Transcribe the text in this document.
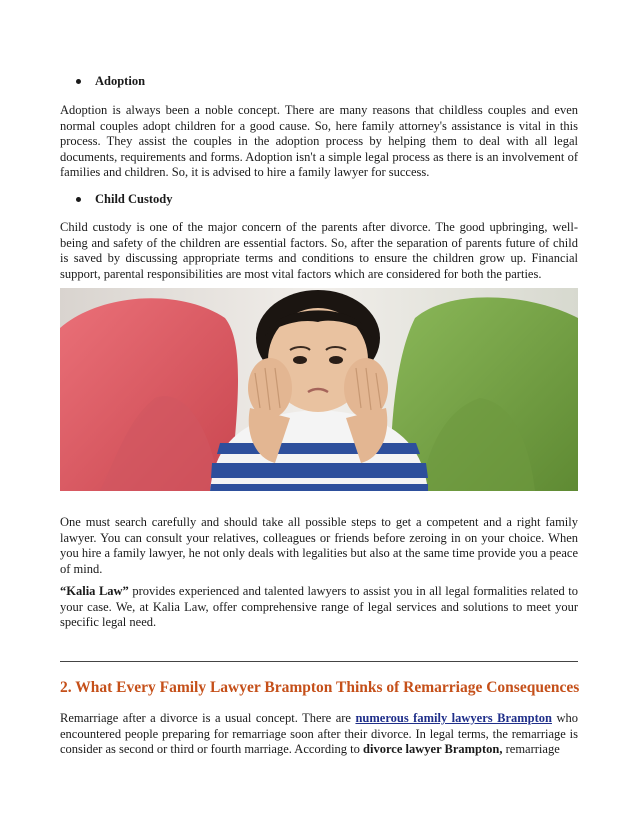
Adoption

Adoption is always been a noble concept. There are many reasons that childless couples and even normal couples adopt children for a good cause. So, here family attorney's assistance is vital in this process. They assist the couples in the adoption process by helping them to deal with all legal documents, requirements and forms. Adoption isn't a simple legal process as there is an involvement of families and children. So, it is advised to hire a family lawyer for success.

Child Custody

Child custody is one of the major concern of the parents after divorce. The good upbringing, well-being and safety of the children are essential factors. So, after the separation of parents future of child is saved by discussing appropriate terms and conditions to ensure the children grow up. Financial support, parental responsibilities are most vital factors which are considered for both the parties.

One must search carefully and should take all possible steps to get a competent and a right family lawyer. You can consult your relatives, colleagues or friends before zeroing in on your choice. When you hire a family lawyer, he not only deals with legalities but also at the same time provide you a peace of mind.

“Kalia Law” provides experienced and talented lawyers to assist you in all legal formalities related to your case. We, at Kalia Law, offer comprehensive range of legal services and solutions to meet your specific legal need.

2. What Every Family Lawyer Brampton Thinks of Remarriage Consequences

Remarriage after a divorce is a usual concept. There are numerous family lawyers Brampton who encountered people preparing for remarriage soon after their divorce. In legal terms, the remarriage is consider as second or third or fourth marriage. According to divorce lawyer Brampton, remarriage
